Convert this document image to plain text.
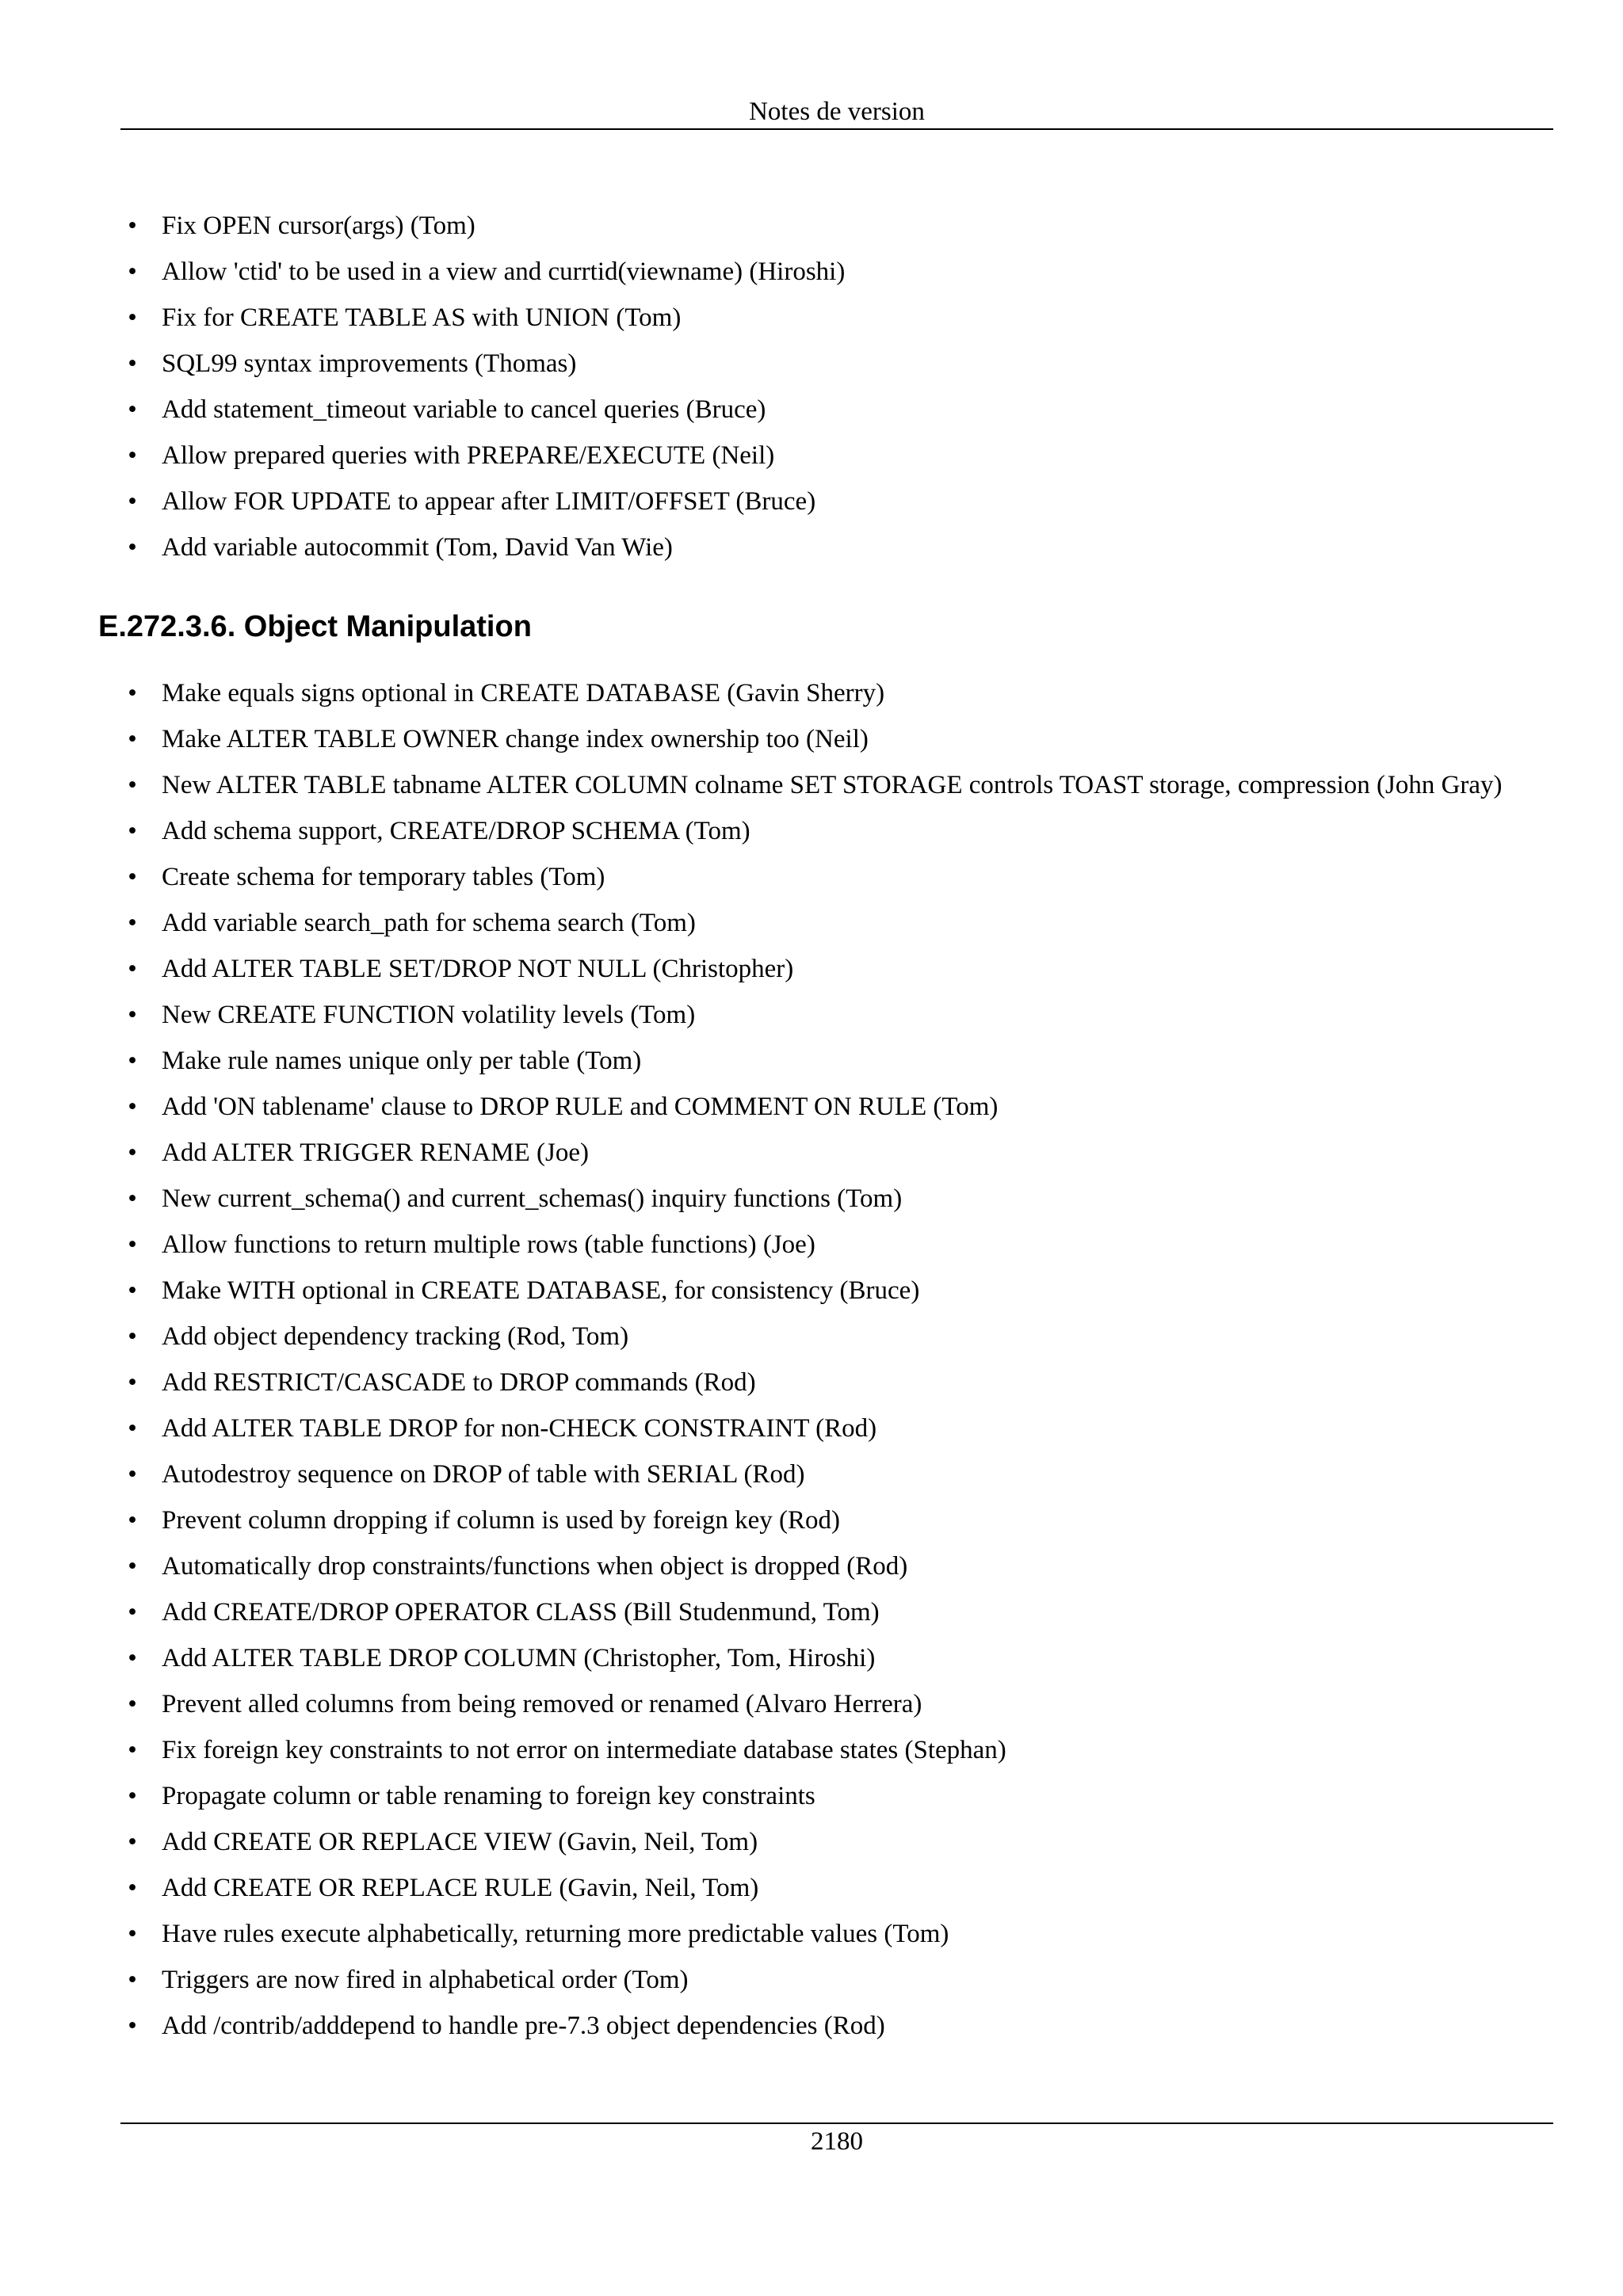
Notes de version
• Fix OPEN cursor(args) (Tom)
• Allow 'ctid' to be used in a view and currtid(viewname) (Hiroshi)
• Fix for CREATE TABLE AS with UNION (Tom)
• SQL99 syntax improvements (Thomas)
• Add statement_timeout variable to cancel queries (Bruce)
• Allow prepared queries with PREPARE/EXECUTE (Neil)
• Allow FOR UPDATE to appear after LIMIT/OFFSET (Bruce)
• Add variable autocommit (Tom, David Van Wie)
E.272.3.6. Object Manipulation
• Make equals signs optional in CREATE DATABASE (Gavin Sherry)
• Make ALTER TABLE OWNER change index ownership too (Neil)
• New ALTER TABLE tabname ALTER COLUMN colname SET STORAGE controls TOAST storage, compression (John Gray)
• Add schema support, CREATE/DROP SCHEMA (Tom)
• Create schema for temporary tables (Tom)
• Add variable search_path for schema search (Tom)
• Add ALTER TABLE SET/DROP NOT NULL (Christopher)
• New CREATE FUNCTION volatility levels (Tom)
• Make rule names unique only per table (Tom)
• Add 'ON tablename' clause to DROP RULE and COMMENT ON RULE (Tom)
• Add ALTER TRIGGER RENAME (Joe)
• New current_schema() and current_schemas() inquiry functions (Tom)
• Allow functions to return multiple rows (table functions) (Joe)
• Make WITH optional in CREATE DATABASE, for consistency (Bruce)
• Add object dependency tracking (Rod, Tom)
• Add RESTRICT/CASCADE to DROP commands (Rod)
• Add ALTER TABLE DROP for non-CHECK CONSTRAINT (Rod)
• Autodestroy sequence on DROP of table with SERIAL (Rod)
• Prevent column dropping if column is used by foreign key (Rod)
• Automatically drop constraints/functions when object is dropped (Rod)
• Add CREATE/DROP OPERATOR CLASS (Bill Studenmund, Tom)
• Add ALTER TABLE DROP COLUMN (Christopher, Tom, Hiroshi)
• Prevent alled columns from being removed or renamed (Alvaro Herrera)
• Fix foreign key constraints to not error on intermediate database states (Stephan)
• Propagate column or table renaming to foreign key constraints
• Add CREATE OR REPLACE VIEW (Gavin, Neil, Tom)
• Add CREATE OR REPLACE RULE (Gavin, Neil, Tom)
• Have rules execute alphabetically, returning more predictable values (Tom)
• Triggers are now fired in alphabetical order (Tom)
• Add /contrib/adddepend to handle pre-7.3 object dependencies (Rod)
2180
